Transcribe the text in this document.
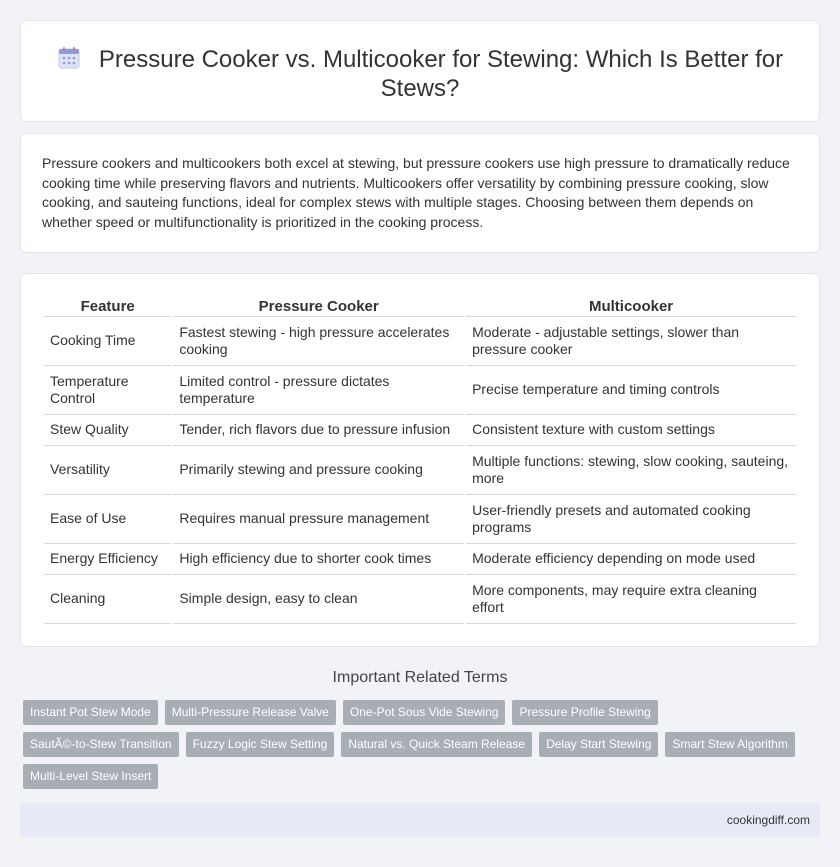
Pressure Cooker vs. Multicooker for Stewing: Which Is Better for Stews?

Pressure cookers and multicookers both excel at stewing, but pressure cookers use high pressure to dramatically reduce cooking time while preserving flavors and nutrients. Multicookers offer versatility by combining pressure cooking, slow cooking, and sauteing functions, ideal for complex stews with multiple stages. Choosing between them depends on whether speed or multifunctionality is prioritized in the cooking process.

Feature	Pressure Cooker	Multicooker
Cooking Time	Fastest stewing - high pressure accelerates cooking	Moderate - adjustable settings, slower than pressure cooker
Temperature Control	Limited control - pressure dictates temperature	Precise temperature and timing controls
Stew Quality	Tender, rich flavors due to pressure infusion	Consistent texture with custom settings
Versatility	Primarily stewing and pressure cooking	Multiple functions: stewing, slow cooking, sauteing, more
Ease of Use	Requires manual pressure management	User-friendly presets and automated cooking programs
Energy Efficiency	High efficiency due to shorter cook times	Moderate efficiency depending on mode used
Cleaning	Simple design, easy to clean	More components, may require extra cleaning effort
Important Related Terms
Instant Pot Stew Mode	Multi-Pressure Release Valve	One-Pot Sous Vide Stewing	Pressure Profile Stewing
SautÃ©-to-Stew Transition	Fuzzy Logic Stew Setting	Natural vs. Quick Steam Release	Delay Start Stewing	Smart Stew Algorithm
Multi-Level Stew Insert
cookingdiff.com
